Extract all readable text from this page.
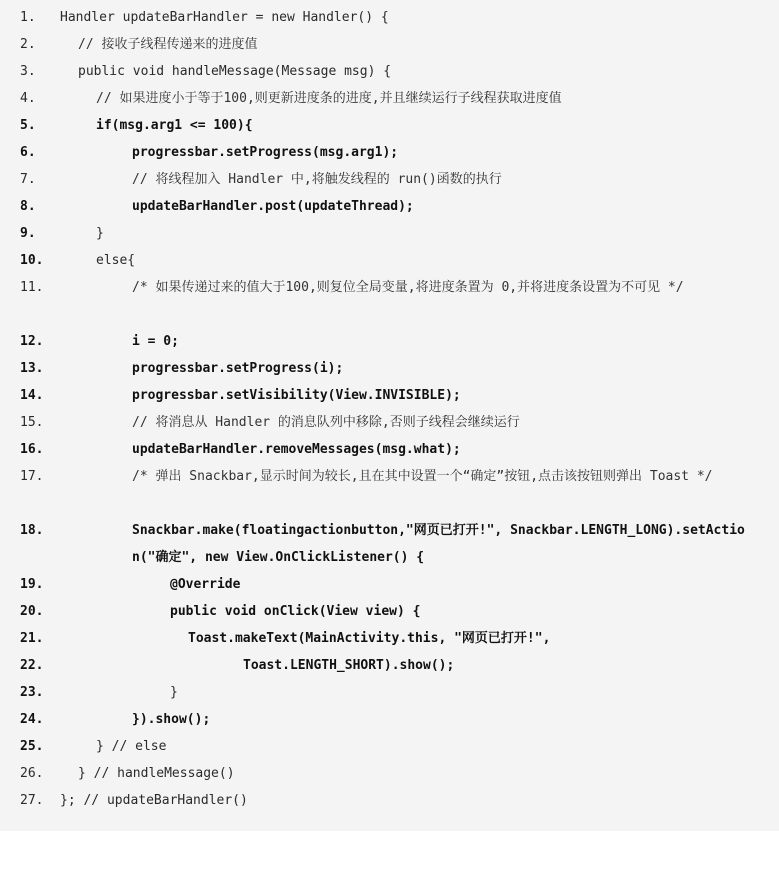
1.

	Handler updateBarHandler = new Handler() {

2.

	// 接收子线程传递来的进度值

3.

	public void handleMessage(Message msg) {

4.

	// 如果进度小于等于100,则更新进度条的进度,并且继续运行子线程获取进度值

5.

	if(msg.arg1 <= 100){

6.

	progressbar.setProgress(msg.arg1);

7.

	// 将线程加入 Handler 中,将触发线程的 run()函数的执行

8.

	updateBarHandler.post(updateThread);

9.

	}

10.

	else{

11.

	/* 如果传递过来的值大于100,则复位全局变量,将进度条置为 0,并将进度条设置为不可见 */

12.

	i = 0;

13.

	progressbar.setProgress(i);

14.

	progressbar.setVisibility(View.INVISIBLE);

15.

	// 将消息从 Handler 的消息队列中移除,否则子线程会继续运行

16.

	updateBarHandler.removeMessages(msg.what);

17.

	/* 弹出 Snackbar,显示时间为较长,且在其中设置一个“确定”按钮,点击该按钮则弹出 Toast */

18.

	Snackbar.make(floatingactionbutton,"网页已打开!", Snackbar.LENGTH_LONG).setAction("确定", new View.OnClickListener() {

19.

	@Override

20.

	public void onClick(View view) {

21.

	Toast.makeText(MainActivity.this, "网页已打开!",

22.

	Toast.LENGTH_SHORT).show();

23.

	}

24.

	}).show();

25.

	} // else

26.

	} // handleMessage()

27.

	}; // updateBarHandler()
